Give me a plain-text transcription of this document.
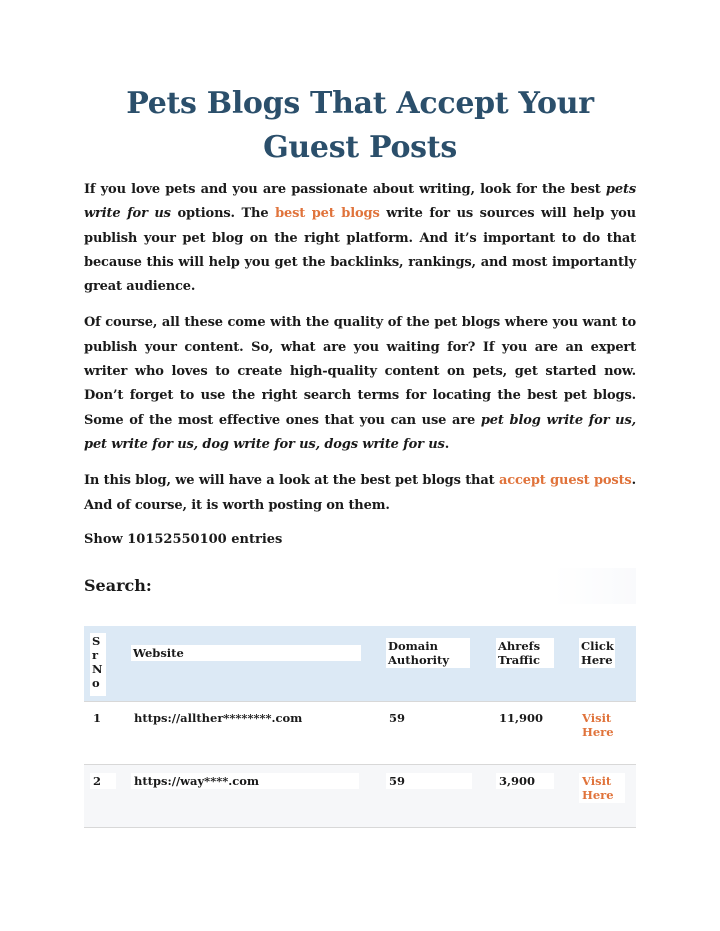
Pets Blogs That Accept Your Guest Posts

If you love pets and you are passionate about writing, look for the best pets write for us options. The best pet blogs write for us sources will help you publish your pet blog on the right platform. And it’s important to do that because this will help you get the backlinks, rankings, and most importantly great audience.

Of course, all these come with the quality of the pet blogs where you want to publish your content. So, what are you waiting for? If you are an expert writer who loves to create high-quality content on pets, get started now. Don’t forget to use the right search terms for locating the best pet blogs. Some of the most effective ones that you can use are pet blog write for us, pet write for us, dog write for us, dogs write for us.

In this blog, we will have a look at the best pet blogs that accept guest posts. And of course, it is worth posting on them.

Show 10152550100 entries
Search:
Sr N o	Website	Domain Authority	Ahrefs Traffic	Click Here
1	https://allther********.com	59	11,900	Visit Here
2	https://way****.com	59	3,900	Visit Here
